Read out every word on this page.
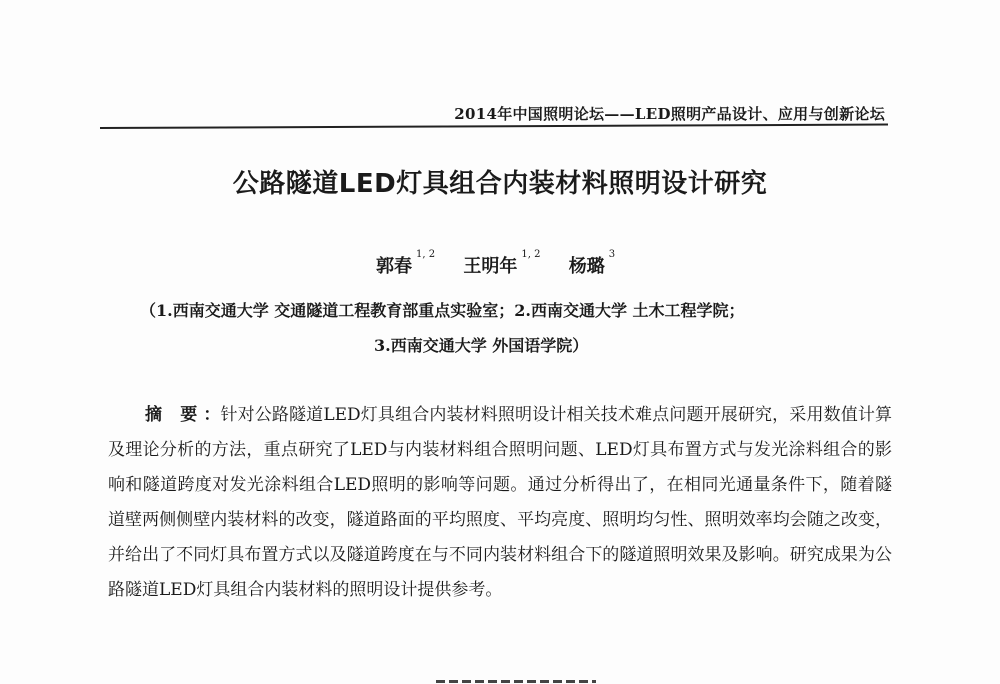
2014年中国照明论坛——LED照明产品设计、应用与创新论坛
公路隧道LED灯具组合内装材料照明设计研究
郭春$^{1, 2}$ 王明年$^{1, 2}$ 杨璐$^3$
（1.西南交通大学 交通隧道工程教育部重点实验室；2.西南交通大学 土木工程学院；
3.西南交通大学 外国语学院）
摘 要：针对公路隧道LED灯具组合内装材料照明设计相关技术难点问题开展研究，采用数值计算及理论分析的方法，重点研究了LED与内装材料组合照明问题、LED灯具布置方式与发光涂料组合的影响和隧道跨度对发光涂料组合LED照明的影响等问题。通过分析得出了，在相同光通量条件下，随着隧道壁两侧侧壁内装材料的改变，隧道路面的平均照度、平均亮度、照明均匀性、照明效率均会随之改变，并给出了不同灯具布置方式以及隧道跨度在与不同内装材料组合下的隧道照明效果及影响。研究成果为公路隧道LED灯具组合内装材料的照明设计提供参考。
